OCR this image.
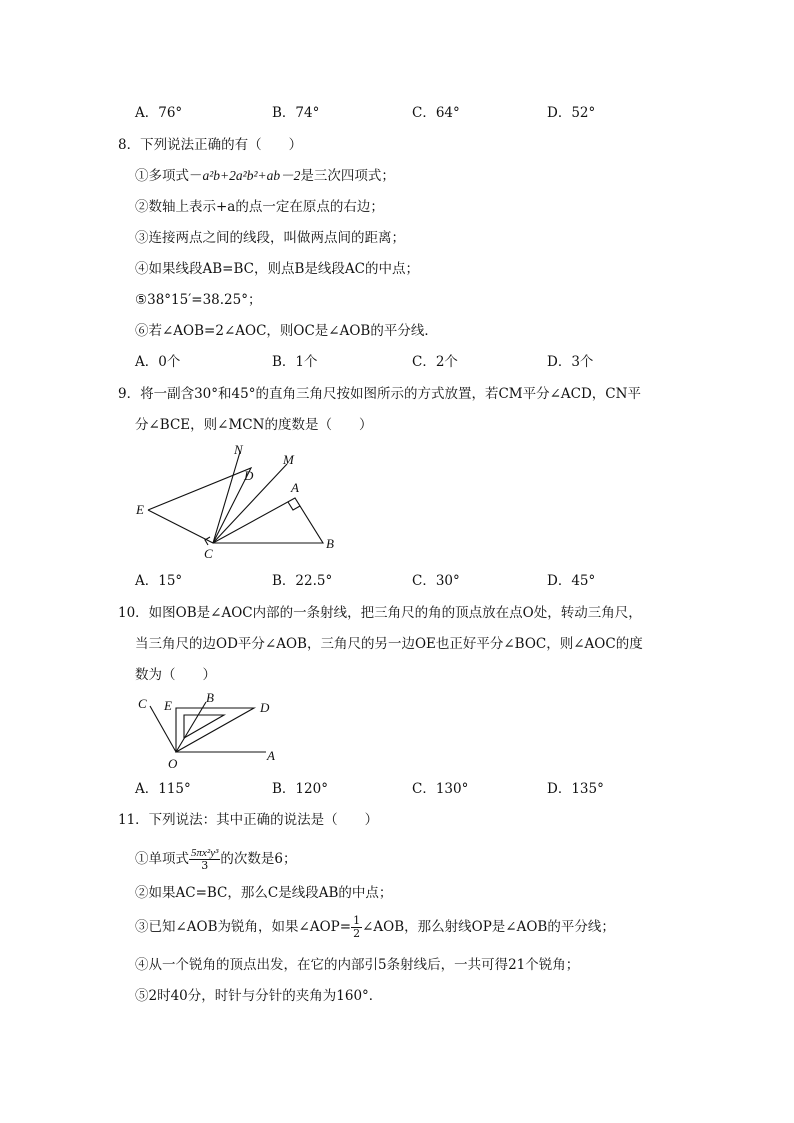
A．76°	B．74°	C．64°	D．52°
8．下列说法正确的有（　　）
①多项式－a²b+2a²b²+ab－2是三次四项式；
②数轴上表示+a的点一定在原点的右边；
③连接两点之间的线段，叫做两点间的距离；
④如果线段AB=BC，则点B是线段AC的中点；
⑤38°15′=38.25°；
⑥若∠AOB=2∠AOC，则OC是∠AOB的平分线．
A．0个	B．1个	C．2个	D．3个
9．将一副含30°和45°的直角三角尺按如图所示的方式放置，若CM平分∠ACD，CN平
分∠BCE，则∠MCN的度数是（　　）
N
D
M
A
E
C
B
A．15°	B．22.5°	C．30°	D．45°
10．如图OB是∠AOC内部的一条射线，把三角尺的角的顶点放在点O处，转动三角尺，
当三角尺的边OD平分∠AOB，三角尺的另一边OE也正好平分∠BOC，则∠AOC的度
数为（　　）
C E
B
D
O
A
A．115°	B．120°	C．130°	D．135°
11．下列说法：其中正确的说法是（　　）
①单项式 $\frac{\text{5πx²y³}}{3}$ 的次数是6；
②如果AC=BC，那么C是线段AB的中点；
③已知∠AOB为锐角，如果∠AOP= $\frac{1}{2}$ ∠AOB，那么射线OP是∠AOB的平分线；
④从一个锐角的顶点出发，在它的内部引5条射线后，一共可得21个锐角；
⑤2时40分，时针与分针的夹角为160°．
